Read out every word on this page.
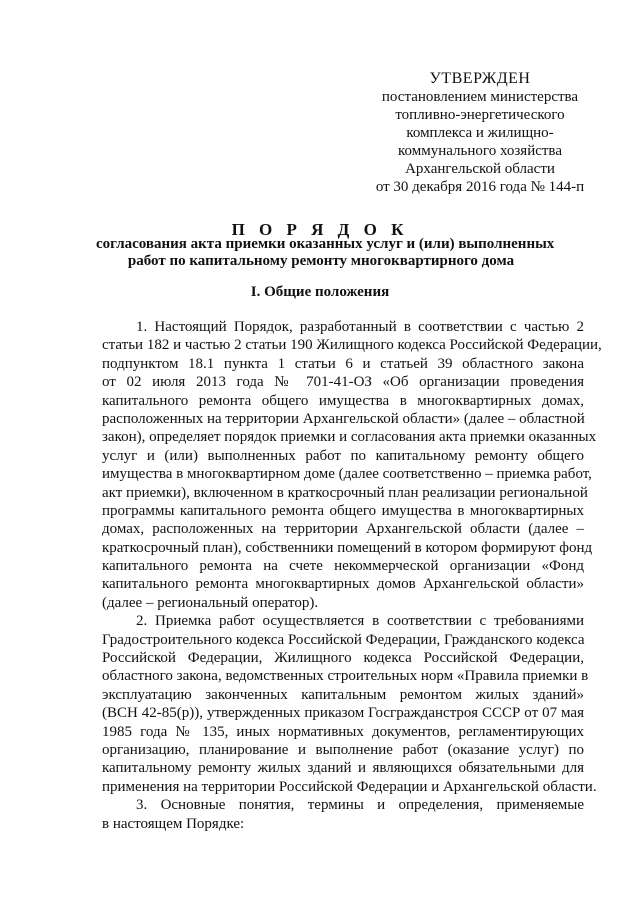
УТВЕРЖДЕН
постановлением министерства
топливно-энергетического
комплекса и жилищно-
коммунального хозяйства
Архангельской области
от 30 декабря 2016 года № 144-п
П О Р Я Д О К
согласования акта приемки оказанных услуг и (или) выполненных
работ по капитальному ремонту многоквартирного дома
I. Общие положения
1. Настоящий Порядок, разработанный в соответствии с частью 2
статьи 182 и частью 2 статьи 190 Жилищного кодекса Российской Федерации,
подпунктом 18.1 пункта 1 статьи 6 и статьей 39 областного закона
от 02 июля 2013 года № 701-41-ОЗ «Об организации проведения
капитального ремонта общего имущества в многоквартирных домах,
расположенных на территории Архангельской области» (далее – областной
закон), определяет порядок приемки и согласования акта приемки оказанных
услуг и (или) выполненных работ по капитальному ремонту общего
имущества в многоквартирном доме (далее соответственно – приемка работ,
акт приемки), включенном в краткосрочный план реализации региональной
программы капитального ремонта общего имущества в многоквартирных
домах, расположенных на территории Архангельской области (далее –
краткосрочный план), собственники помещений в котором формируют фонд
капитального ремонта на счете некоммерческой организации «Фонд
капитального ремонта многоквартирных домов Архангельской области»
(далее – региональный оператор).
2. Приемка работ осуществляется в соответствии с требованиями
Градостроительного кодекса Российской Федерации, Гражданского кодекса
Российской Федерации, Жилищного кодекса Российской Федерации,
областного закона, ведомственных строительных норм «Правила приемки в
эксплуатацию законченных капитальным ремонтом жилых зданий»
(ВСН 42-85(р)), утвержденных приказом Госгражданстроя СССР от 07 мая
1985 года № 135, иных нормативных документов, регламентирующих
организацию, планирование и выполнение работ (оказание услуг) по
капитальному ремонту жилых зданий и являющихся обязательными для
применения на территории Российской Федерации и Архангельской области.
3. Основные понятия, термины и определения, применяемые
в настоящем Порядке:
